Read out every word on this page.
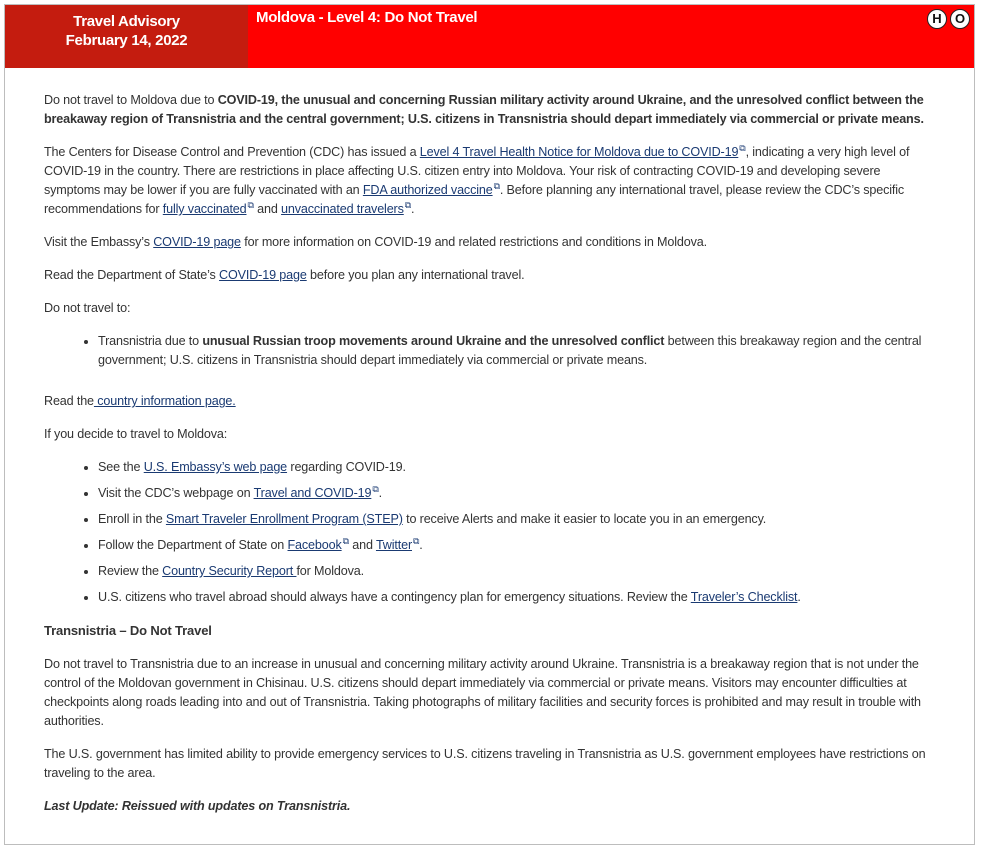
Travel Advisory
February 14, 2022
Moldova - Level 4: Do Not Travel	H	O

Do not travel to Moldova due to COVID-19, the unusual and concerning Russian military activity around Ukraine, and the unresolved conflict between the breakaway region of Transnistria and the central government; U.S. citizens in Transnistria should depart immediately via commercial or private means.

The Centers for Disease Control and Prevention (CDC) has issued a Level 4 Travel Health Notice for Moldova due to COVID-19⧉, indicating a very high level of COVID-19 in the country. There are restrictions in place affecting U.S. citizen entry into Moldova. Your risk of contracting COVID-19 and developing severe symptoms may be lower if you are fully vaccinated with an FDA authorized vaccine⧉. Before planning any international travel, please review the CDC’s specific recommendations for fully vaccinated⧉ and unvaccinated travelers⧉.

Visit the Embassy’s COVID-19 page for more information on COVID-19 and related restrictions and conditions in Moldova.

Read the Department of State’s COVID-19 page before you plan any international travel.

Do not travel to:

• Transnistria due to unusual Russian troop movements around Ukraine and the unresolved conflict between this breakaway region and the central government; U.S. citizens in Transnistria should depart immediately via commercial or private means.

Read the country information page.

If you decide to travel to Moldova:

• See the U.S. Embassy’s web page regarding COVID-19.
• Visit the CDC’s webpage on Travel and COVID-19⧉.
• Enroll in the Smart Traveler Enrollment Program (STEP) to receive Alerts and make it easier to locate you in an emergency.
• Follow the Department of State on Facebook⧉ and Twitter⧉.
• Review the Country Security Report for Moldova.
• U.S. citizens who travel abroad should always have a contingency plan for emergency situations. Review the Traveler’s Checklist.
Transnistria – Do Not Travel

Do not travel to Transnistria due to an increase in unusual and concerning military activity around Ukraine. Transnistria is a breakaway region that is not under the control of the Moldovan government in Chisinau. U.S. citizens should depart immediately via commercial or private means. Visitors may encounter difficulties at checkpoints along roads leading into and out of Transnistria. Taking photographs of military facilities and security forces is prohibited and may result in trouble with authorities.

The U.S. government has limited ability to provide emergency services to U.S. citizens traveling in Transnistria as U.S. government employees have restrictions on traveling to the area.

Last Update: Reissued with updates on Transnistria.
